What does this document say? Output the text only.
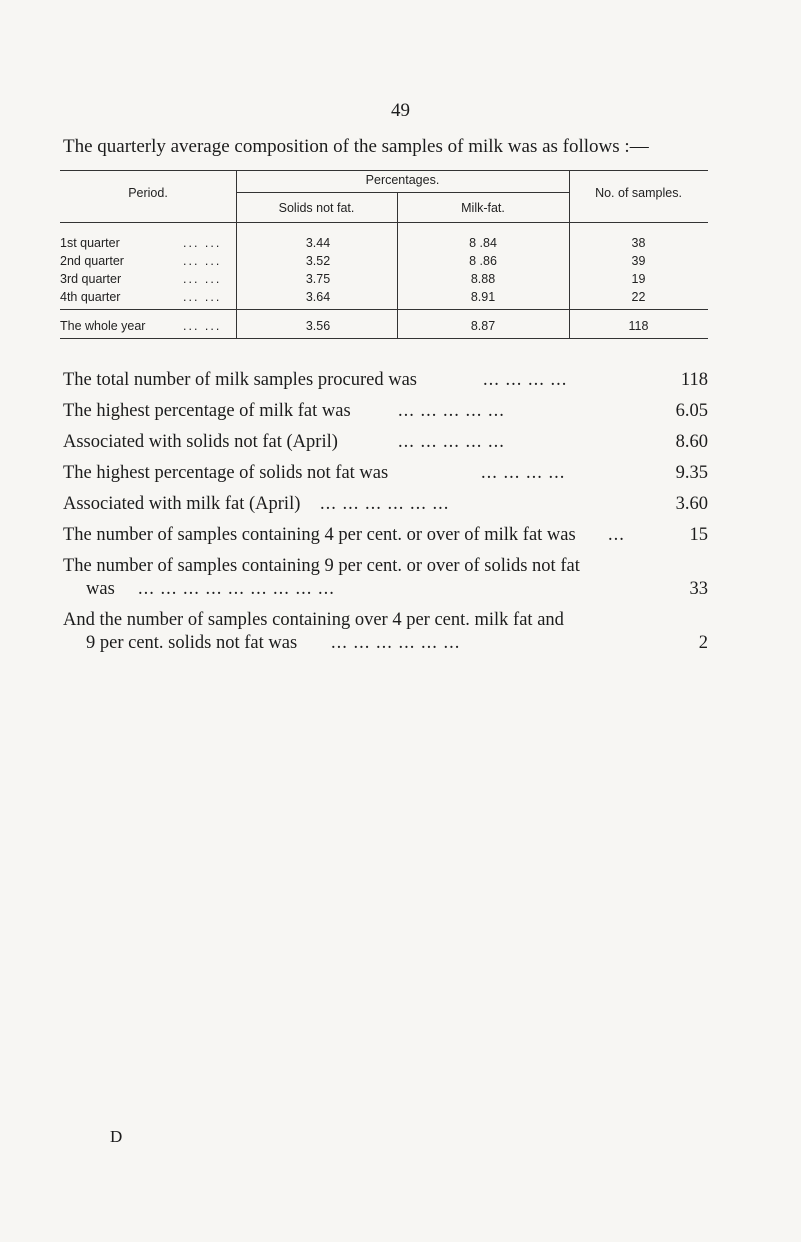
49
The quarterly average composition of the samples of milk was as follows :—
Period.
Percentages.
Solids not fat.	Milk-fat.
No. of samples.
1st quarter	... ...	3.44	8 .84	38
2nd quarter	... ...	3.52	8 .86	39
3rd quarter	... ...	3.75	8.88	19
4th quarter	... ...	3.64	8.91	22
The whole year	... ...	3.56	8.87	118
The total number of milk samples procured was	... ... ... ...	118
The highest percentage of milk fat was	... ... ... ... ...	6.05
Associated with solids not fat (April)	... ... ... ... ...	8.60
The highest percentage of solids not fat was	... ... ... ...	9.35
Associated with milk fat (April) ... ... ... ... ... ...	3.60
The number of samples containing 4 per cent. or over of milk fat was ...	15
The number of samples containing 9 per cent. or over of solids not fat
was ... ... ... ... ... ... ... ... ...	33
And the number of samples containing over 4 per cent. milk fat and
9 per cent. solids not fat was ... ... ... ... ... ...	2
D
